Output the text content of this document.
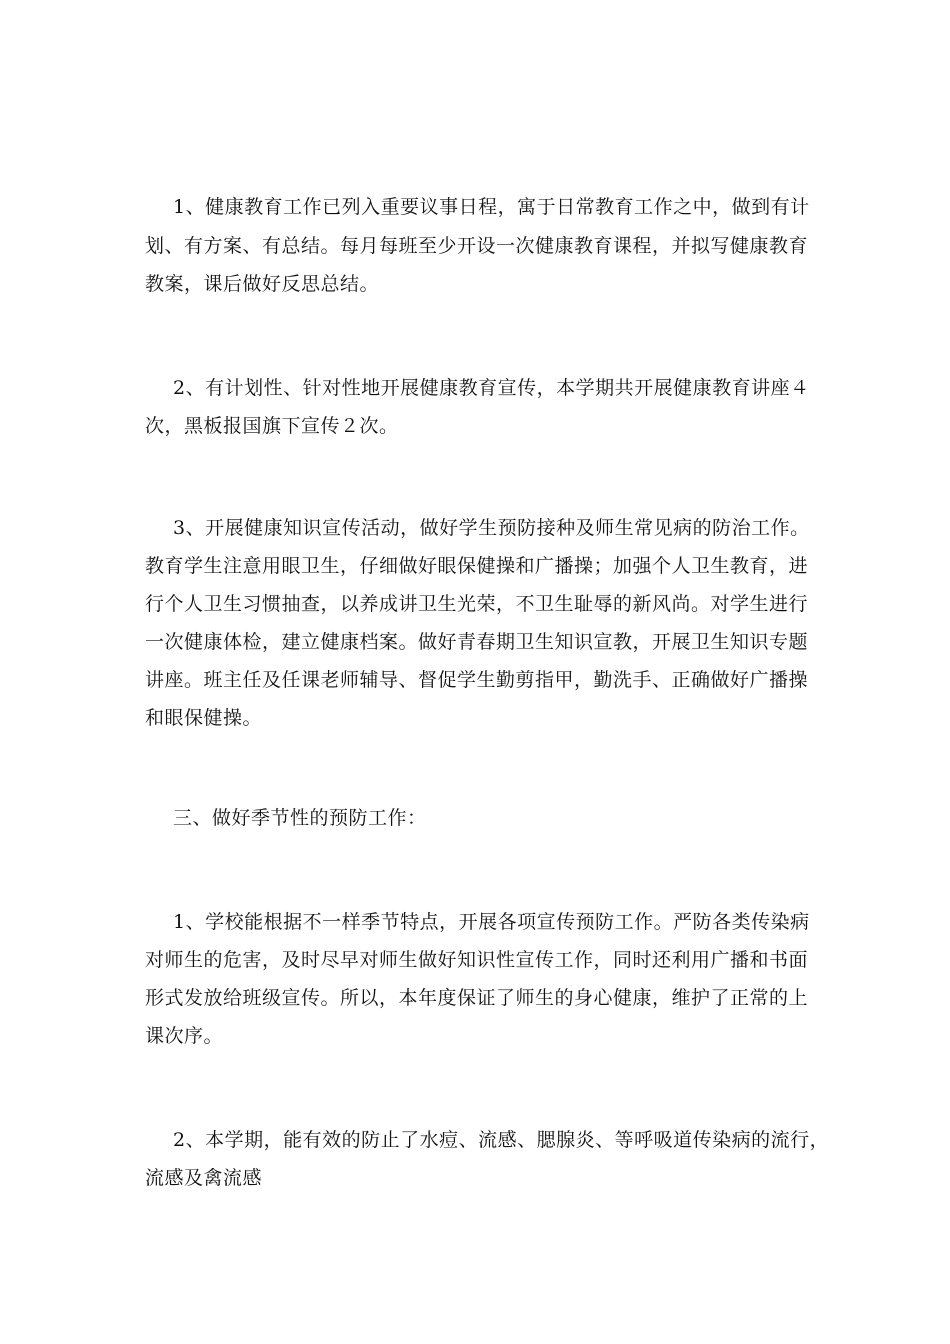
1、健康教育工作已列入重要议事日程，寓于日常教育工作之中，做到有计
划、有方案、有总结。每月每班至少开设一次健康教育课程，并拟写健康教育
教案，课后做好反思总结。
2、有计划性、针对性地开展健康教育宣传，本学期共开展健康教育讲座４
次，黑板报国旗下宣传２次。
3、开展健康知识宣传活动，做好学生预防接种及师生常见病的防治工作。
教育学生注意用眼卫生，仔细做好眼保健操和广播操；加强个人卫生教育，进
行个人卫生习惯抽查，以养成讲卫生光荣，不卫生耻辱的新风尚。对学生进行
一次健康体检，建立健康档案。做好青春期卫生知识宣教，开展卫生知识专题
讲座。班主任及任课老师辅导、督促学生勤剪指甲，勤洗手、正确做好广播操
和眼保健操。
三、做好季节性的预防工作：
1、学校能根据不一样季节特点，开展各项宣传预防工作。严防各类传染病
对师生的危害，及时尽早对师生做好知识性宣传工作，同时还利用广播和书面
形式发放给班级宣传。所以，本年度保证了师生的身心健康，维护了正常的上
课次序。
2、本学期，能有效的防止了水痘、流感、腮腺炎、等呼吸道传染病的流行，
流感及禽流感
